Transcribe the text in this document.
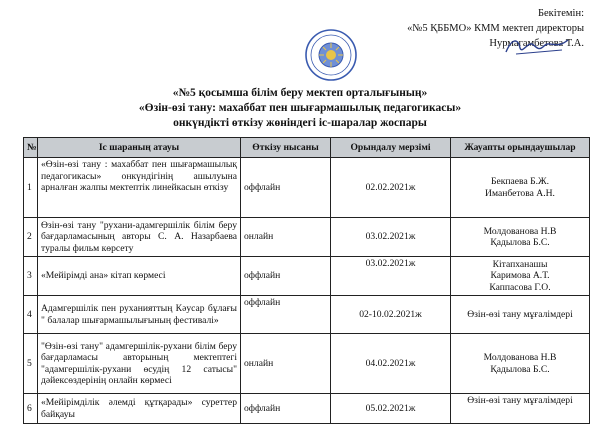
Бекітемін:
«№5 ҚББМО» КММ мектеп директоры
Нурмагамбетова Т.А.
«№5 қосымша білім беру мектеп орталығының»
«Өзін-өзі тану: махаббат пен шығармашылық педагогикасы»
онкүндікті өткізу жөніндегі іс-шаралар жоспары
№	Іс шараның атауы	Өткізу нысаны	Орындалу мерзімі	Жауапты орындаушылар
1	«Өзін-өзі тану : махаббат пен шығармашылық педагогикасы» онкүндігінің ашылуына арналған жалпы мектептік линейкасын өткізу	оффлайн	02.02.2021ж	Бекпаева Б.Ж.
Иманбетова А.Н.

2	Өзін-өзі тану "рухани-адамгершілік білім беру бағдарламасының авторы С. А. Назарбаева туралы фильм көрсету	онлайн	03.02.2021ж	Молдованова Н.В
Қадылова Б.С.

3	«Мейірімді ана» кітап көрмесі	оффлайн	03.02.2021ж	Кітапханашы
Каримова А.Т.
Каппасова Г.О.

4	Адамгершілік пен руханияттың Кәусар бұлағы " балалар шығармашылығының фестивалі»	оффлайн	02-10.02.2021ж	Өзін-өзі тану мұғалімдері

5	"Өзін-өзі тану" адамгершілік-рухани білім беру бағдарламасы авторының мектептегі "адамгершілік-рухани өсудің 12 сатысы" дәйексөздерінің онлайн көрмесі	онлайн	04.02.2021ж	Молдованова Н.В
Қадылова Б.С.

6	«Мейірімділік әлемді құтқарады» суреттер байқауы	оффлайн	05.02.2021ж	Өзін-өзі тану мұғалімдері
